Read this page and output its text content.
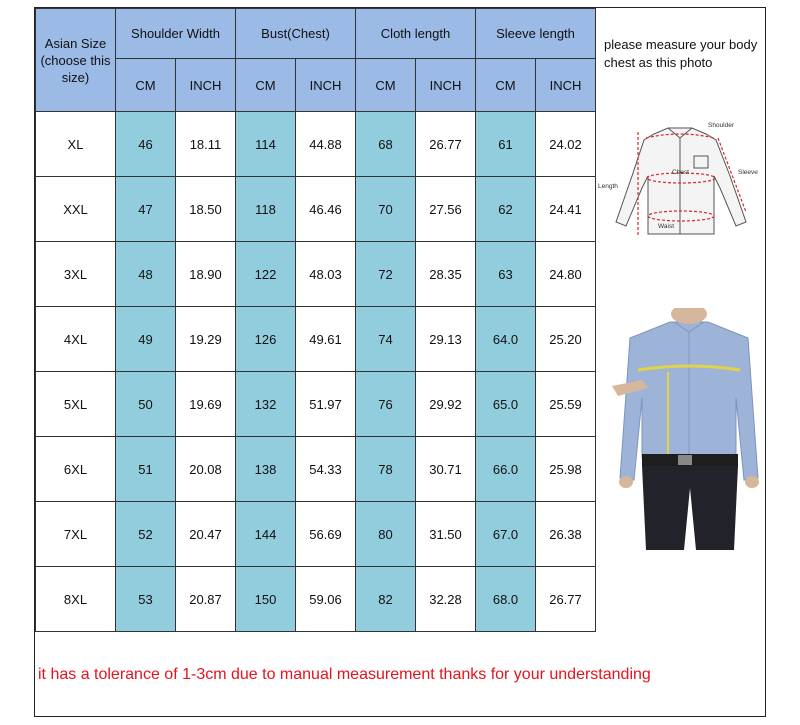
Asian Size (choose this size)	Shoulder Width		Bust(Chest)		Cloth length		Sleeve length	
	CM	INCH	CM	INCH	CM	INCH	CM	INCH
XL	46	18.11	114	44.88	68	26.77	61	24.02
XXL	47	18.50	118	46.46	70	27.56	62	24.41
3XL	48	18.90	122	48.03	72	28.35	63	24.80
4XL	49	19.29	126	49.61	74	29.13	64.0	25.20
5XL	50	19.69	132	51.97	76	29.92	65.0	25.59
6XL	51	20.08	138	54.33	78	30.71	66.0	25.98
7XL	52	20.47	144	56.69	80	31.50	67.0	26.38
8XL	53	20.87	150	59.06	82	32.28	68.0	26.77
please measure your body chest as this photo
Shoulder
Chest
Length
Sleeve
Waist
it has a tolerance of 1-3cm due to manual measurement thanks for your understanding
